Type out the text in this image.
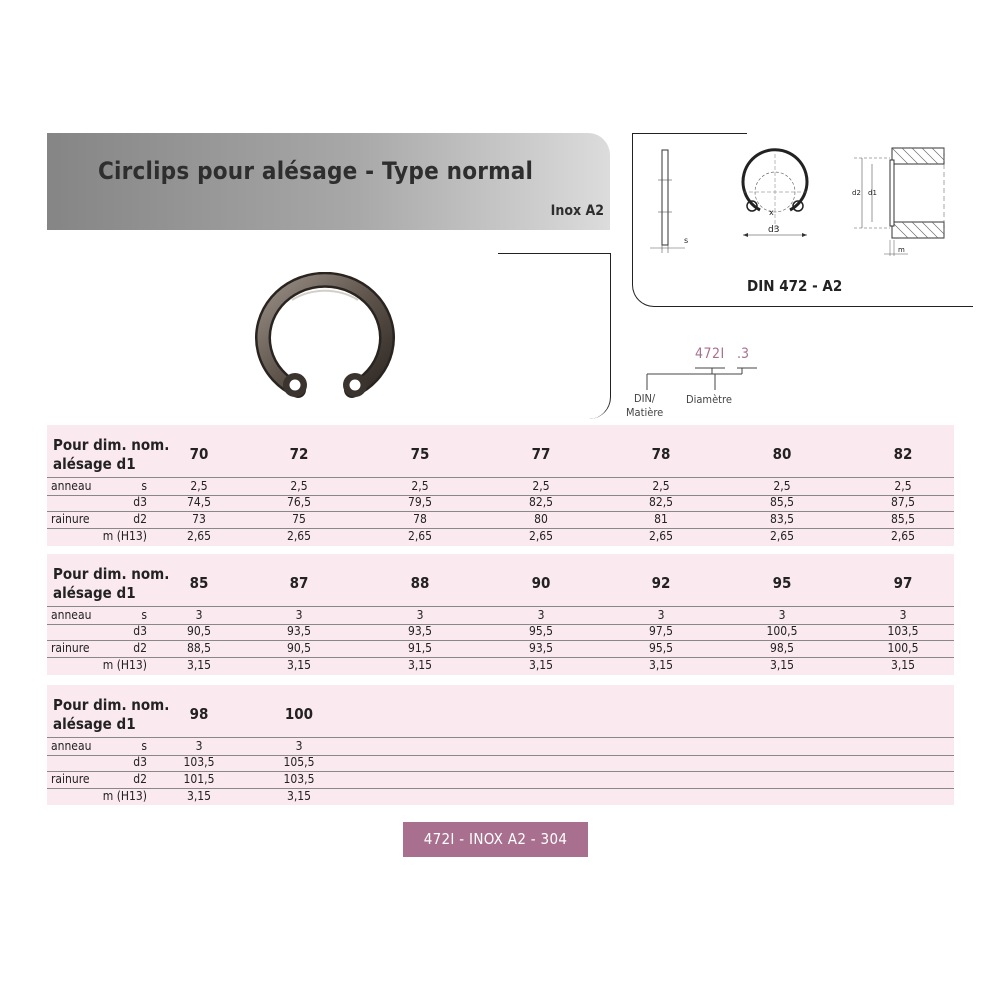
Circlips pour alésage - Type normal
Inox A2
s
x
d3
d2 d1
m
DIN 472 - A2
472I .3
DIN/
Matière
Diamètre
Pour dim. nom.
alésage d1
70	72	75	77	78	80	82
anneau	s	2,5	2,5	2,5	2,5	2,5	2,5	2,5
d3	74,5	76,5	79,5	82,5	82,5	85,5	87,5
rainure	d2	73	75	78	80	81	83,5	85,5
m (H13)	2,65	2,65	2,65	2,65	2,65	2,65	2,65
Pour dim. nom.
alésage d1
85	87	88	90	92	95	97
anneau	s	3	3	3	3	3	3	3
d3	90,5	93,5	93,5	95,5	97,5	100,5	103,5
rainure	d2	88,5	90,5	91,5	93,5	95,5	98,5	100,5
m (H13)	3,15	3,15	3,15	3,15	3,15	3,15	3,15
Pour dim. nom.
alésage d1
98	100
anneau	s	3	3
d3	103,5	105,5
rainure	d2	101,5	103,5
m (H13)	3,15	3,15
472I - INOX A2 - 304
